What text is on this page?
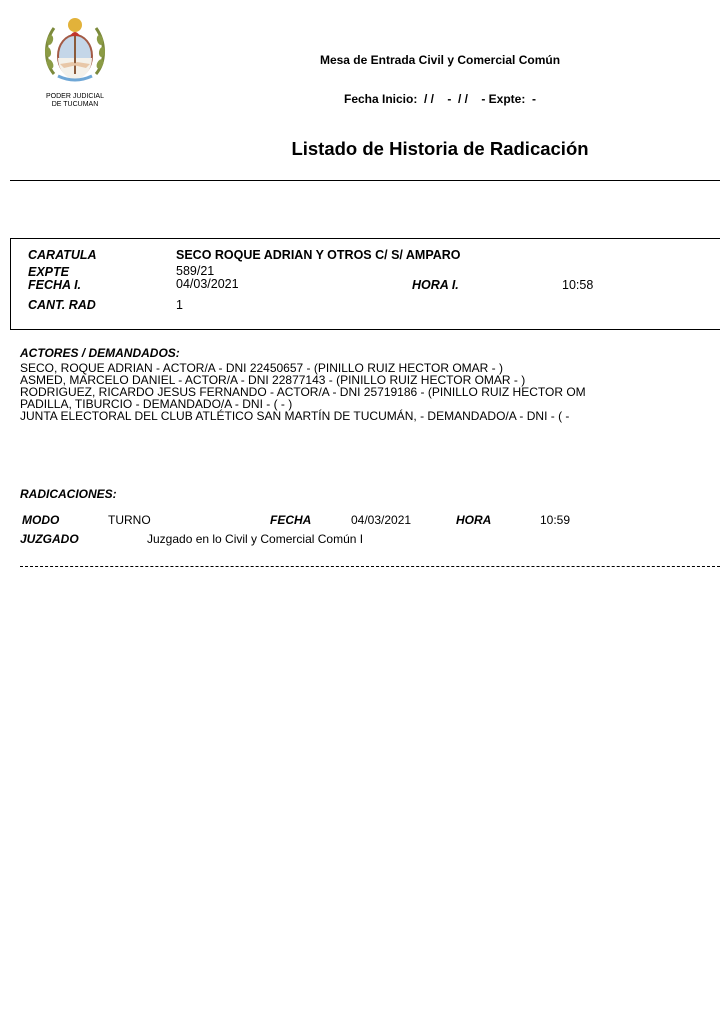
PODER JUDICIAL
DE TUCUMAN
Mesa de Entrada Civil y Comercial Común
Fecha Inicio:  / /    -  / /    - Expte:  -
Listado de Historia de Radicación
CARATULA	SECO ROQUE ADRIAN Y OTROS C/ S/ AMPARO
EXPTE	589/21
FECHA I.	04/03/2021	HORA I.	10:58
CANT. RAD	1
ACTORES / DEMANDADOS:
SECO, ROQUE ADRIAN - ACTOR/A - DNI 22450657 - (PINILLO RUIZ HECTOR OMAR - )
ASMED, MARCELO DANIEL - ACTOR/A - DNI 22877143 - (PINILLO RUIZ HECTOR OMAR - )
RODRIGUEZ, RICARDO JESUS FERNANDO - ACTOR/A - DNI 25719186 - (PINILLO RUIZ HECTOR OM
PADILLA, TIBURCIO - DEMANDADO/A - DNI - ( - )
JUNTA ELECTORAL DEL CLUB ATLÉTICO SAN MARTÍN DE TUCUMÁN, - DEMANDADO/A - DNI - ( -
RADICACIONES:
MODO	TURNO	FECHA	04/03/2021	HORA	10:59
JUZGADO	Juzgado en lo Civil y Comercial Común I
